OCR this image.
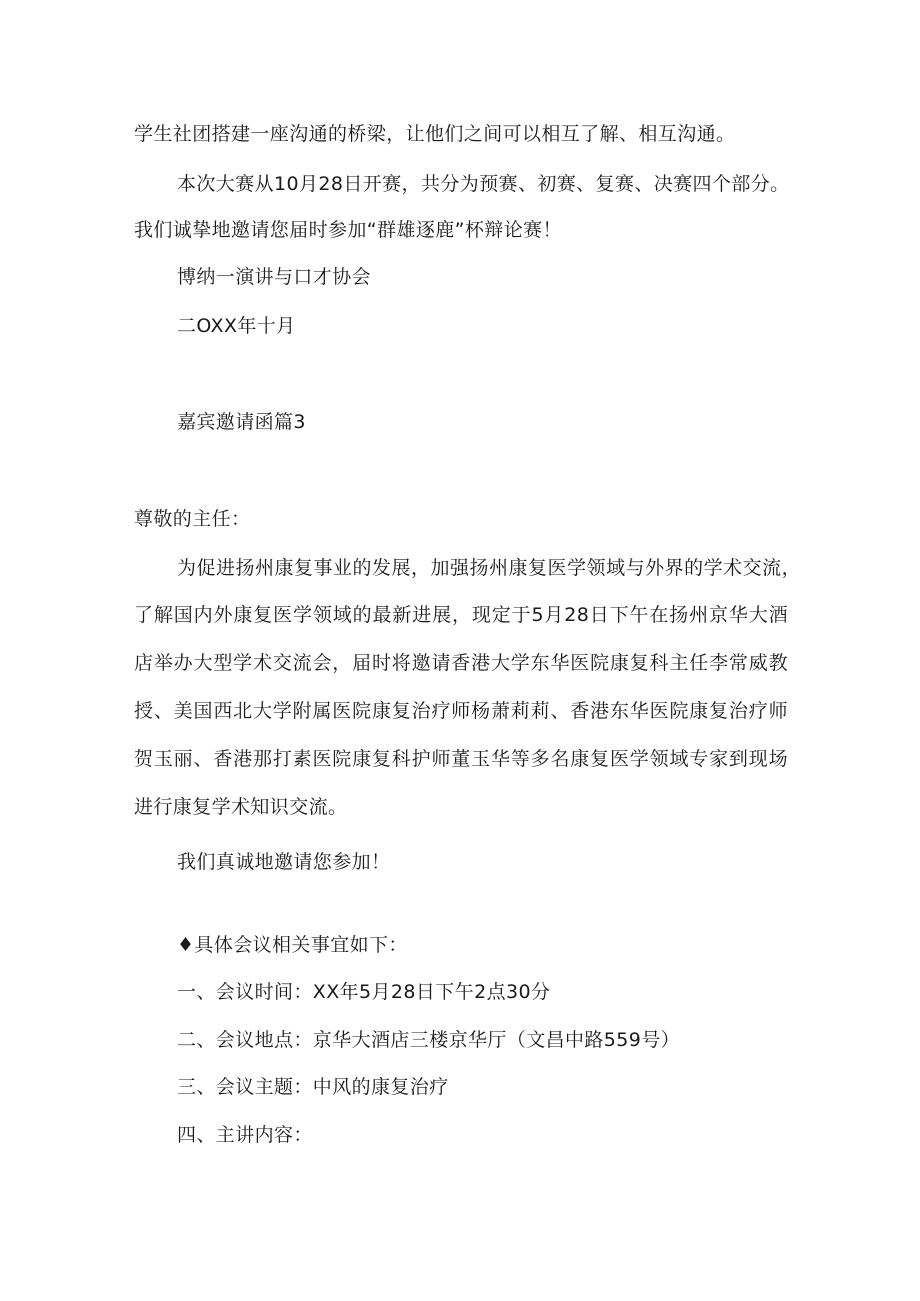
学生社团搭建一座沟通的桥梁，让他们之间可以相互了解、相互沟通。
本次大赛从10月28日开赛，共分为预赛、初赛、复赛、决赛四个部分。
我们诚挚地邀请您届时参加“群雄逐鹿”杯辩论赛！
博纳一演讲与口才协会
二OXX年十月
嘉宾邀请函篇3
尊敬的主任：
为促进扬州康复事业的发展，加强扬州康复医学领域与外界的学术交流，
了解国内外康复医学领域的最新进展，现定于5月28日下午在扬州京华大酒
店举办大型学术交流会，届时将邀请香港大学东华医院康复科主任李常威教
授、美国西北大学附属医院康复治疗师杨萧莉莉、香港东华医院康复治疗师
贺玉丽、香港那打素医院康复科护师董玉华等多名康复医学领域专家到现场
进行康复学术知识交流。
我们真诚地邀请您参加！
♦具体会议相关事宜如下：
一、会议时间：XX年5月28日下午2点30分
二、会议地点：京华大酒店三楼京华厅（文昌中路559号）
三、会议主题：中风的康复治疗
四、主讲内容：
